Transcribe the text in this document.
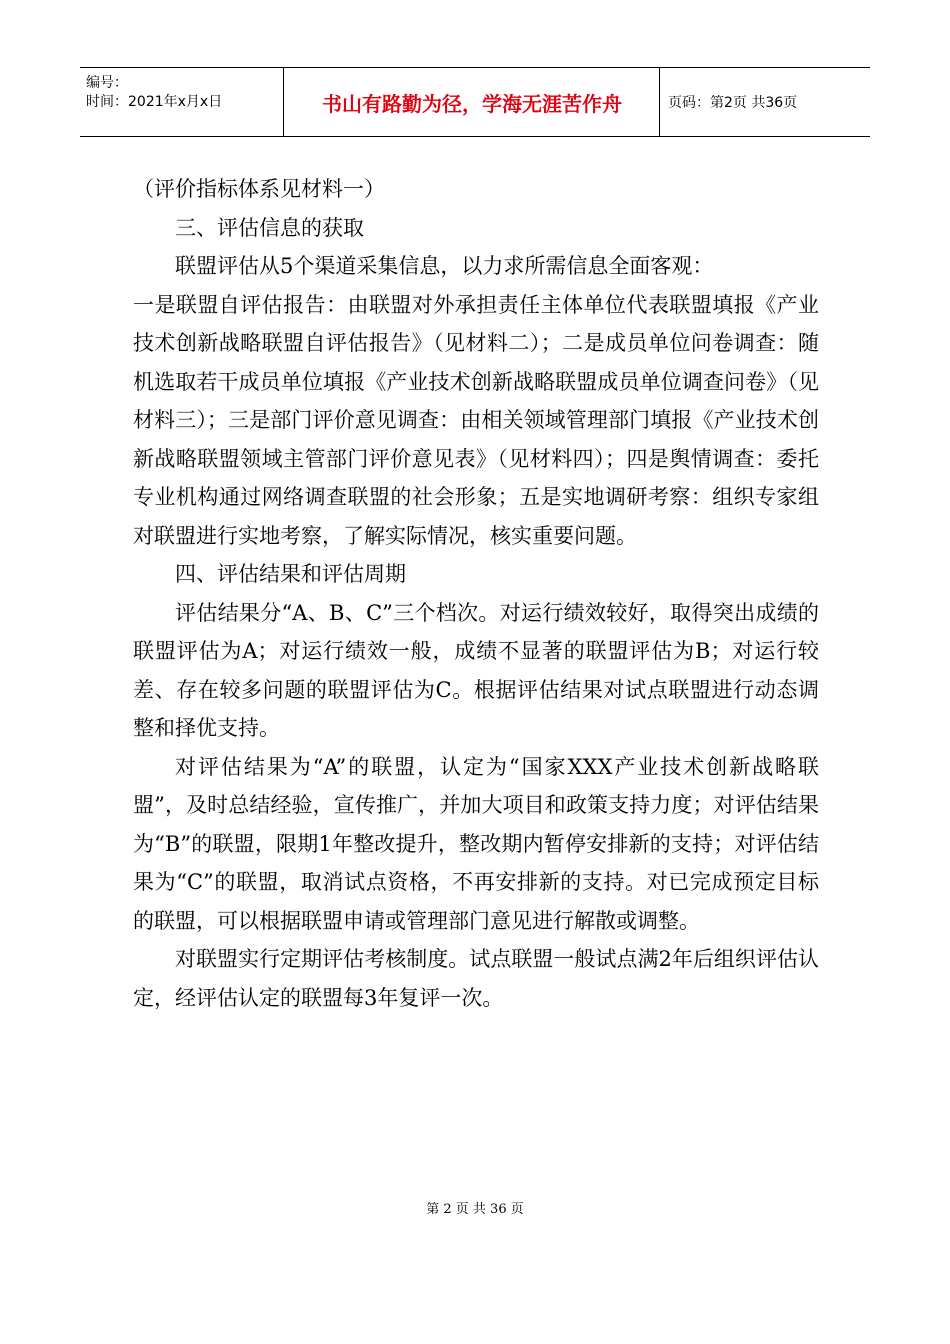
编号：
时间：2021年x月x日	书山有路勤为径，学海无涯苦作舟	页码：第2页 共36页

（评价指标体系见材料一）

三、评估信息的获取

联盟评估从5个渠道采集信息，以力求所需信息全面客观：

一是联盟自评估报告：由联盟对外承担责任主体单位代表联盟填报《产业技术创新战略联盟自评估报告》（见材料二）；二是成员单位问卷调查：随机选取若干成员单位填报《产业技术创新战略联盟成员单位调查问卷》（见材料三）；三是部门评价意见调查：由相关领域管理部门填报《产业技术创新战略联盟领域主管部门评价意见表》（见材料四）；四是舆情调查：委托专业机构通过网络调查联盟的社会形象；五是实地调研考察：组织专家组对联盟进行实地考察，了解实际情况，核实重要问题。

四、评估结果和评估周期

评估结果分“A、B、C”三个档次。对运行绩效较好，取得突出成绩的联盟评估为A；对运行绩效一般，成绩不显著的联盟评估为B；对运行较差、存在较多问题的联盟评估为C。根据评估结果对试点联盟进行动态调整和择优支持。

对评估结果为“A”的联盟，认定为“国家XXX产业技术创新战略联盟”，及时总结经验，宣传推广，并加大项目和政策支持力度；对评估结果为“B”的联盟，限期1年整改提升，整改期内暂停安排新的支持；对评估结果为“C”的联盟，取消试点资格，不再安排新的支持。对已完成预定目标的联盟，可以根据联盟申请或管理部门意见进行解散或调整。

对联盟实行定期评估考核制度。试点联盟一般试点满2年后组织评估认定，经评估认定的联盟每3年复评一次。

第 2 页 共 36 页
